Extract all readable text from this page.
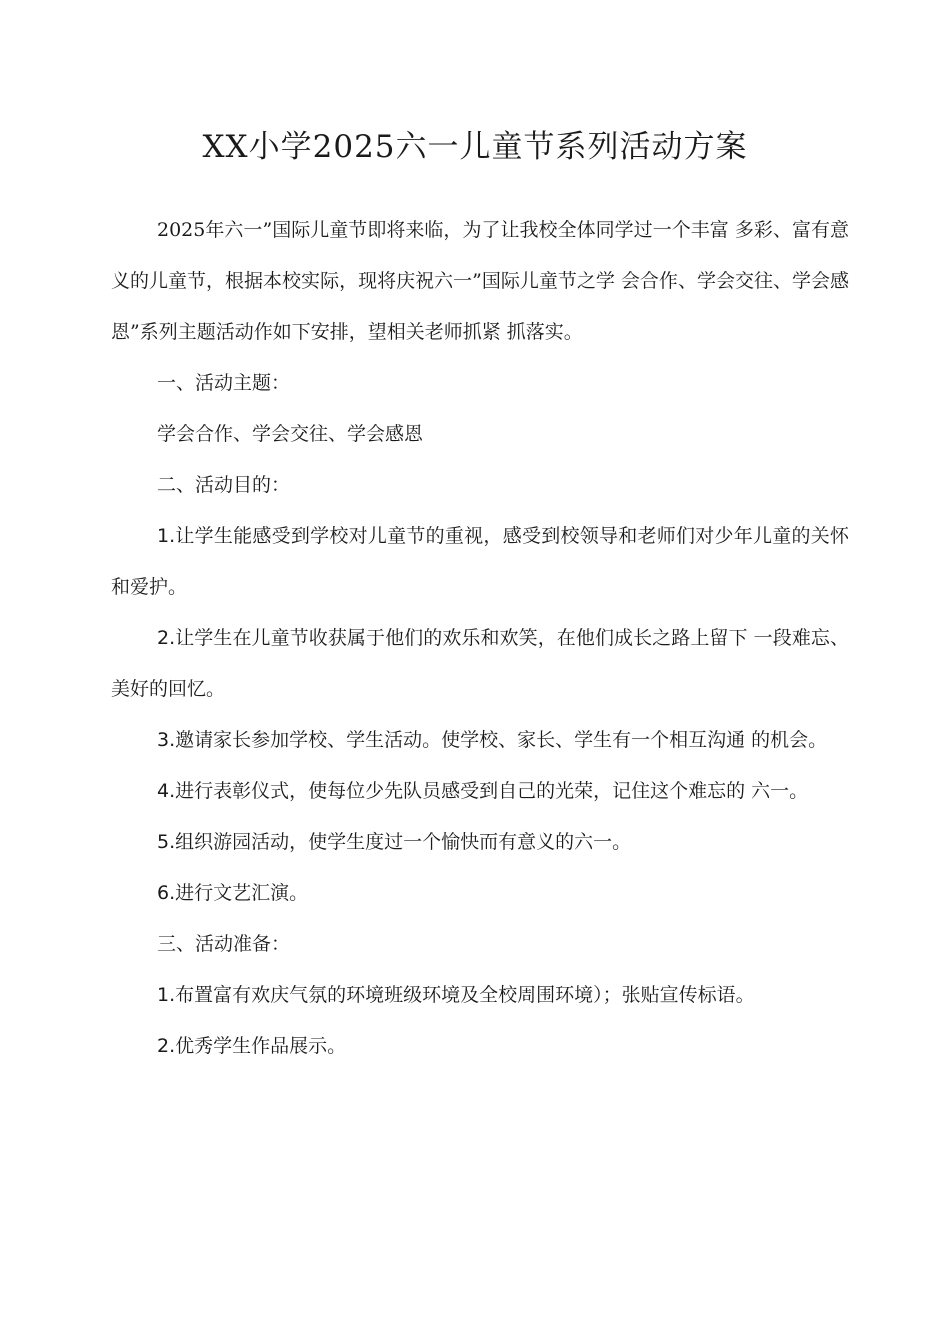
XX小学2025六一儿童节系列活动方案

2025年六一”国际儿童节即将来临，为了让我校全体同学过一个丰富 多彩、富有意义的儿童节，根据本校实际，现将庆祝六一”国际儿童节之学 会合作、学会交往、学会感恩”系列主题活动作如下安排，望相关老师抓紧 抓落实。

一、活动主题：

学会合作、学会交往、学会感恩

二、活动目的：

1.让学生能感受到学校对儿童节的重视，感受到校领导和老师们对少年儿童的关怀和爱护。

2.让学生在儿童节收获属于他们的欢乐和欢笑，在他们成长之路上留下 一段难忘、美好的回忆。

3.邀请家长参加学校、学生活动。使学校、家长、学生有一个相互沟通 的机会。

4.进行表彰仪式，使每位少先队员感受到自己的光荣，记住这个难忘的 六一。

5.组织游园活动，使学生度过一个愉快而有意义的六一。

6.进行文艺汇演。

三、活动准备：

1.布置富有欢庆气氛的环境班级环境及全校周围环境）；张贴宣传标语。

2.优秀学生作品展示。
